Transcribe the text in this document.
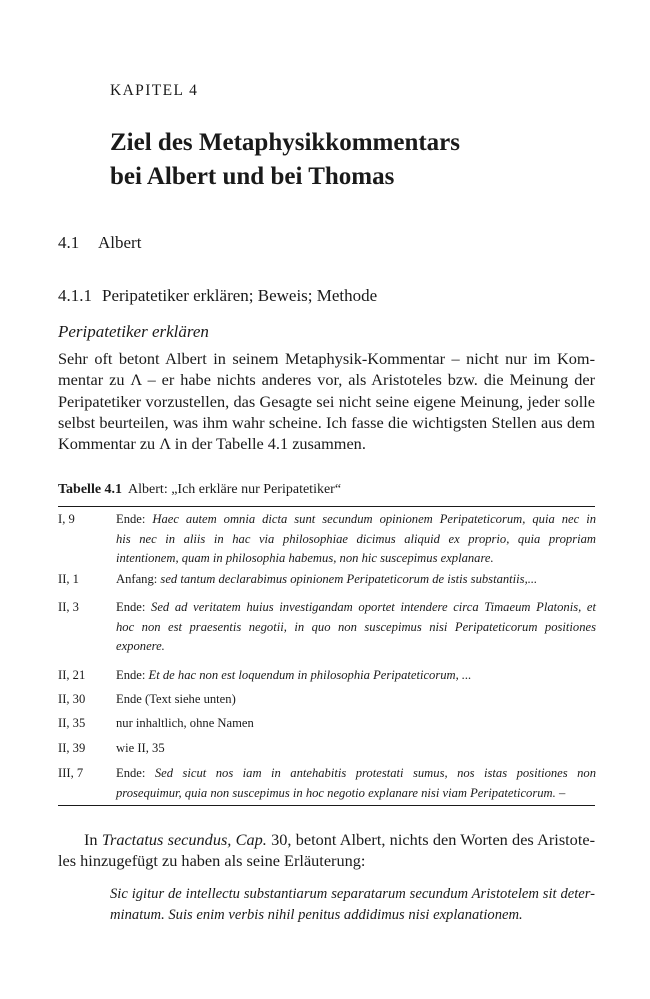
KAPITEL 4
Ziel des Metaphysikkommentars
bei Albert und bei Thomas
4.1 Albert
4.1.1 Peripatetiker erklären; Beweis; Methode
Peripatetiker erklären
Sehr oft betont Albert in seinem Metaphysik-Kommentar – nicht nur im Kom-
mentar zu Λ – er habe nichts anderes vor, als Aristoteles bzw. die Meinung der
Peripatetiker vorzustellen, das Gesagte sei nicht seine eigene Meinung, jeder solle
selbst beurteilen, was ihm wahr scheine. Ich fasse die wichtigsten Stellen aus dem
Kommentar zu Λ in der Tabelle 4.1 zusammen.
Tabelle 4.1 Albert: „Ich erkläre nur Peripatetiker“
I, 9	Ende: Haec autem omnia dicta sunt secundum opinionem Peripateticorum, quia nec in
his nec in aliis in hac via philosophiae dicimus aliquid ex proprio, quia propriam
intentionem, quam in philosophia habemus, non hic suscepimus explanare.
II, 1	Anfang: sed tantum declarabimus opinionem Peripateticorum de istis substantiis,...
II, 3	Ende: Sed ad veritatem huius investigandam oportet intendere circa Timaeum Platonis, et
hoc non est praesentis negotii, in quo non suscepimus nisi Peripateticorum positiones
exponere.
II, 21	Ende: Et de hac non est loquendum in philosophia Peripateticorum, ...
II, 30	Ende (Text siehe unten)
II, 35	nur inhaltlich, ohne Namen
II, 39	wie II, 35
III, 7	Ende: Sed sicut nos iam in antehabitis protestati sumus, nos istas positiones non
prosequimur, quia non suscepimus in hoc negotio explanare nisi viam Peripateticorum. –
In Tractatus secundus, Cap. 30, betont Albert, nichts den Worten des Aristote-
les hinzugefügt zu haben als seine Erläuterung:
Sic igitur de intellectu substantiarum separatarum secundum Aristotelem sit deter-
minatum. Suis enim verbis nihil penitus addidimus nisi explanationem.
